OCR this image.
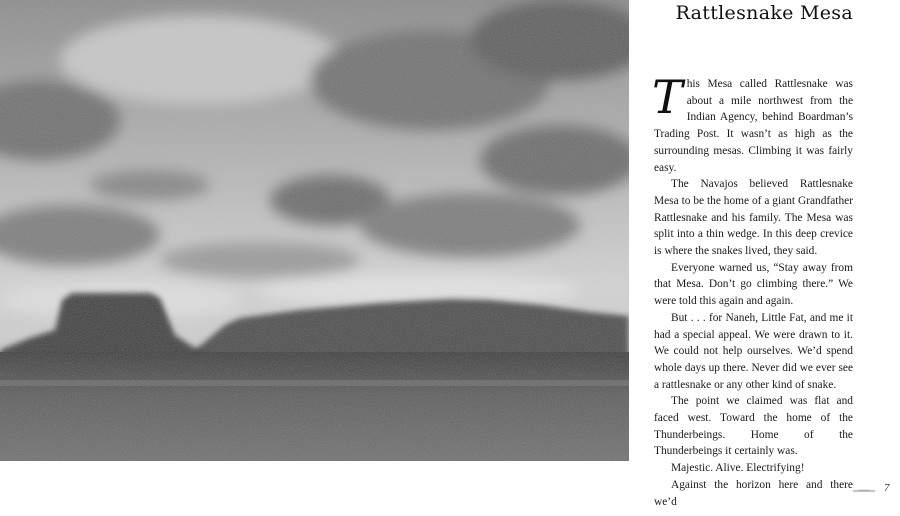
Rattlesnake Mesa

This Mesa called Rattlesnake was about a mile northwest from the Indian Agency, behind Boardman’s Trading Post. It wasn’t as high as the surrounding mesas. Climbing it was fairly easy.

The Navajos believed Rattlesnake Mesa to be the home of a giant Grandfather Rattlesnake and his family. The Mesa was split into a thin wedge. In this deep crevice is where the snakes lived, they said.

Everyone warned us, “Stay away from that Mesa. Don’t go climbing there.” We were told this again and again.

But . . . for Naneh, Little Fat, and me it had a special appeal. We were drawn to it. We could not help ourselves. We’d spend whole days up there. Never did we ever see a rattlesnake or any other kind of snake.

The point we claimed was flat and faced west. Toward the home of the Thunderbeings. Home of the Thunderbeings it certainly was.

Majestic. Alive. Electrifying!

Against the horizon here and there we’d

7
